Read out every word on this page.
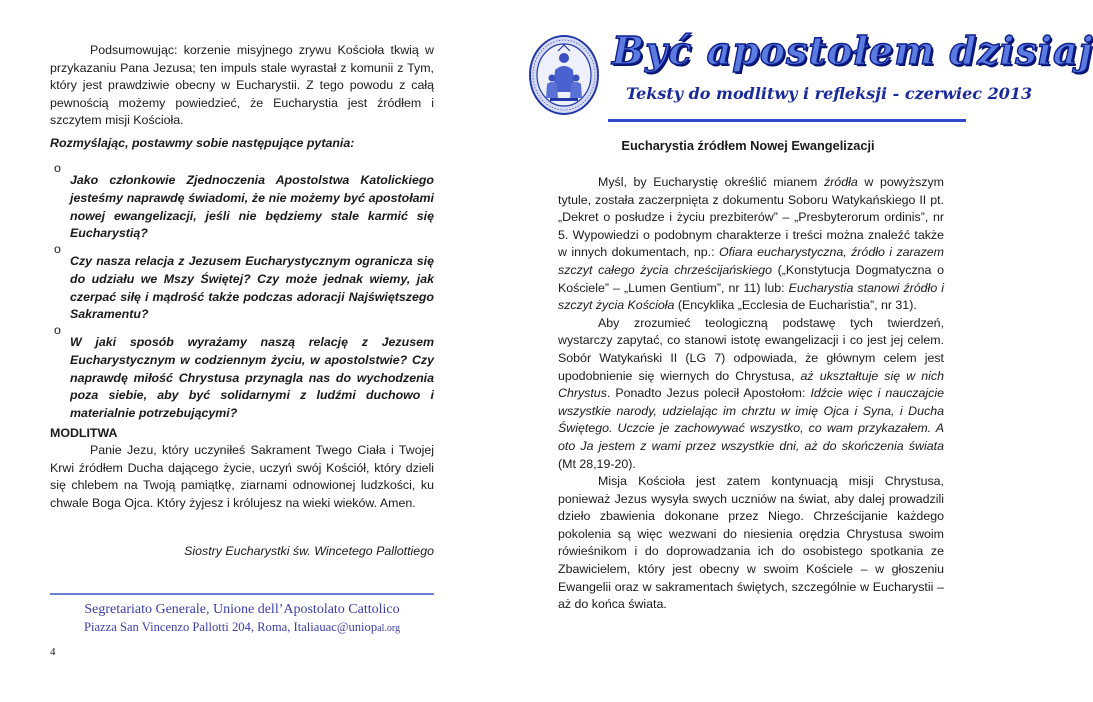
Podsumowując: korzenie misyjnego zrywu Kościoła tkwią w przykazaniu Pana Jezusa; ten impuls stale wyrastał z komunii z Tym, który jest prawdziwie obecny w Eucharystii. Z tego powodu z całą pewnością możemy powiedzieć, że Eucharystia jest źródłem i szczytem misji Kościoła.

Rozmyślając, postawmy sobie następujące pytania:
o

Jako członkowie Zjednoczenia Apostolstwa Katolickiego jesteśmy naprawdę świadomi, że nie możemy być apostołami nowej ewangelizacji, jeśli nie będziemy stale karmić się Eucharystią?

o

Czy nasza relacja z Jezusem Eucharystycznym ogranicza się do udziału we Mszy Świętej? Czy może jednak wiemy, jak czerpać siłę i mądrość także podczas adoracji Najświętszego Sakramentu?

o

W jaki sposób wyrażamy naszą relację z Jezusem Eucharystycznym w codziennym życiu, w apostolstwie? Czy naprawdę miłość Chrystusa przynagla nas do wychodzenia poza siebie, aby być solidarnymi z ludźmi duchowo i materialnie potrzebującymi?

MODLITWA

Panie Jezu, który uczyniłeś Sakrament Twego Ciała i Twojej Krwi źródłem Ducha dającego życie, uczyń swój Kościół, który dzieli się chlebem na Twoją pamiątkę, ziarnami odnowionej ludzkości, ku chwale Boga Ojca. Który żyjesz i królujesz na wieki wieków. Amen.

Siostry Eucharystki św. Wincetego Pallottiego
Segretariato Generale, Unione dell’Apostolato Cattolico
Piazza San Vincenzo Pallotti 204, Roma, Italiauac@uniopal.org
4
Być apostołem dzisiaj
Teksty do modlitwy i refleksji - czerwiec 2013
Eucharystia źródłem Nowej Ewangelizacji

Myśl, by Eucharystię określić mianem źródła w powyższym tytule, została zaczerpnięta z dokumentu Soboru Watykańskiego II pt. „Dekret o posłudze i życiu prezbiterów” – „Presbyterorum ordinis”, nr 5. Wypowiedzi o podobnym charakterze i treści można znaleźć także w innych dokumentach, np.: Ofiara eucharystyczna, źródło i zarazem szczyt całego życia chrześcijańskiego („Konstytucja Dogmatyczna o Kościele” – „Lumen Gentium”, nr 11) lub: Eucharystia stanowi źródło i szczyt życia Kościoła (Encyklika „Ecclesia de Eucharistia”, nr 31).

Aby zrozumieć teologiczną podstawę tych twierdzeń, wystarczy zapytać, co stanowi istotę ewangelizacji i co jest jej celem. Sobór Watykański II (LG 7) odpowiada, że głównym celem jest upodobnienie się wiernych do Chrystusa, aż ukształtuje się w nich Chrystus. Ponadto Jezus polecił Apostołom: Idźcie więc i nauczajcie wszystkie narody, udzielając im chrztu w imię Ojca i Syna, i Ducha Świętego. Uczcie je zachowywać wszystko, co wam przykazałem. A oto Ja jestem z wami przez wszystkie dni, aż do skończenia świata (Mt 28,19-20).

Misja Kościoła jest zatem kontynuacją misji Chrystusa, ponieważ Jezus wysyła swych uczniów na świat, aby dalej prowadzili dzieło zbawienia dokonane przez Niego. Chrześcijanie każdego pokolenia są więc wezwani do niesienia orędzia Chrystusa swoim rówieśnikom i do doprowadzania ich do osobistego spotkania ze Zbawicielem, który jest obecny w swoim Kościele – w głoszeniu Ewangelii oraz w sakramentach świętych, szczególnie w Eucharystii – aż do końca świata.
